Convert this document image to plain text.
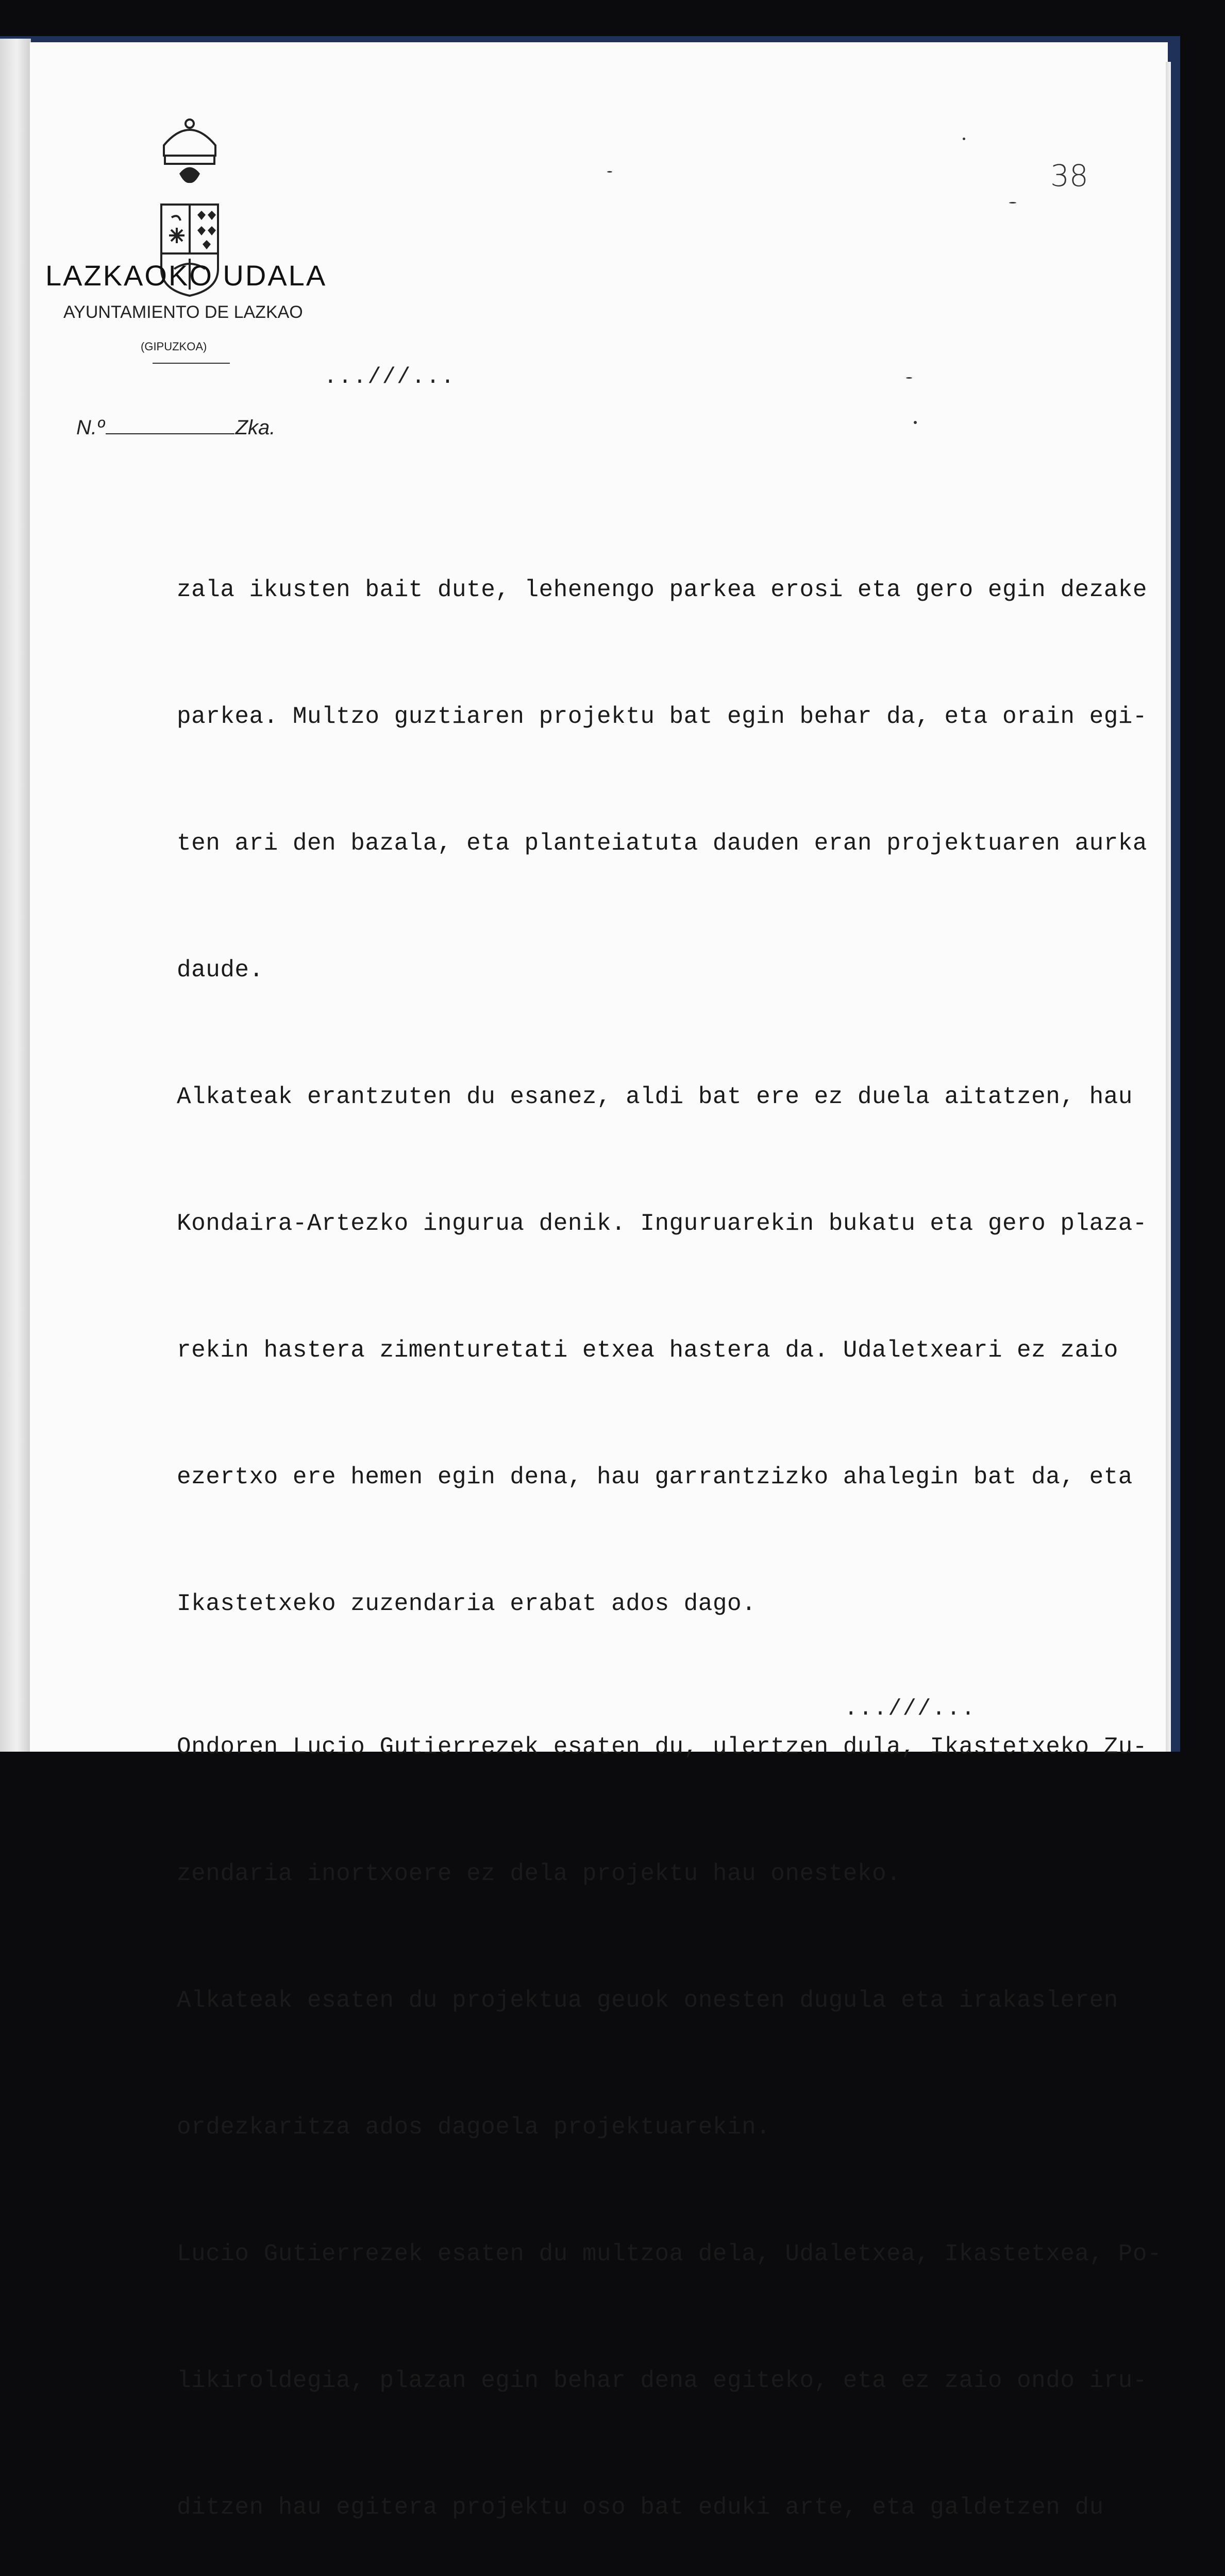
LAZKAOKO UDALA
AYUNTAMIENTO DE LAZKAO
(GIPUZKOA)
N.º	Zka.
38
...///...

zala ikusten bait dute, lehenengo parkea erosi eta gero egin dezake

parkea. Multzo guztiaren projektu bat egin behar da, eta orain egi-

ten ari den bazala, eta planteiatuta dauden eran projektuaren aurka

daude.

Alkateak erantzuten du esanez, aldi bat ere ez duela aitatzen, hau

Kondaira-Artezko ingurua denik. Inguruarekin bukatu eta gero plaza-

rekin hastera zimenturetati etxea hastera da. Udaletxeari ez zaio

ezertxo ere hemen egin dena, hau garrantzizko ahalegin bat da, eta

Ikastetxeko zuzendaria erabat ados dago.

Ondoren Lucio Gutierrezek esaten du, ulertzen dula, Ikastetxeko Zu-

zendaria inortxoere ez dela projektu hau onesteko.

Alkateak esaten du projektua geuok onesten dugula eta irakasleren

ordezkaritza ados dagoela projektuarekin.

Lucio Gutierrezek esaten du multzoa dela, Udaletxea, Ikastetxea, Po-

likiroldegia, plazan egin behar dena egiteko, eta ez zaio ondo iru-

ditzen hau egitera projektu oso bat eduki arte, eta galdetzen du

...///...
